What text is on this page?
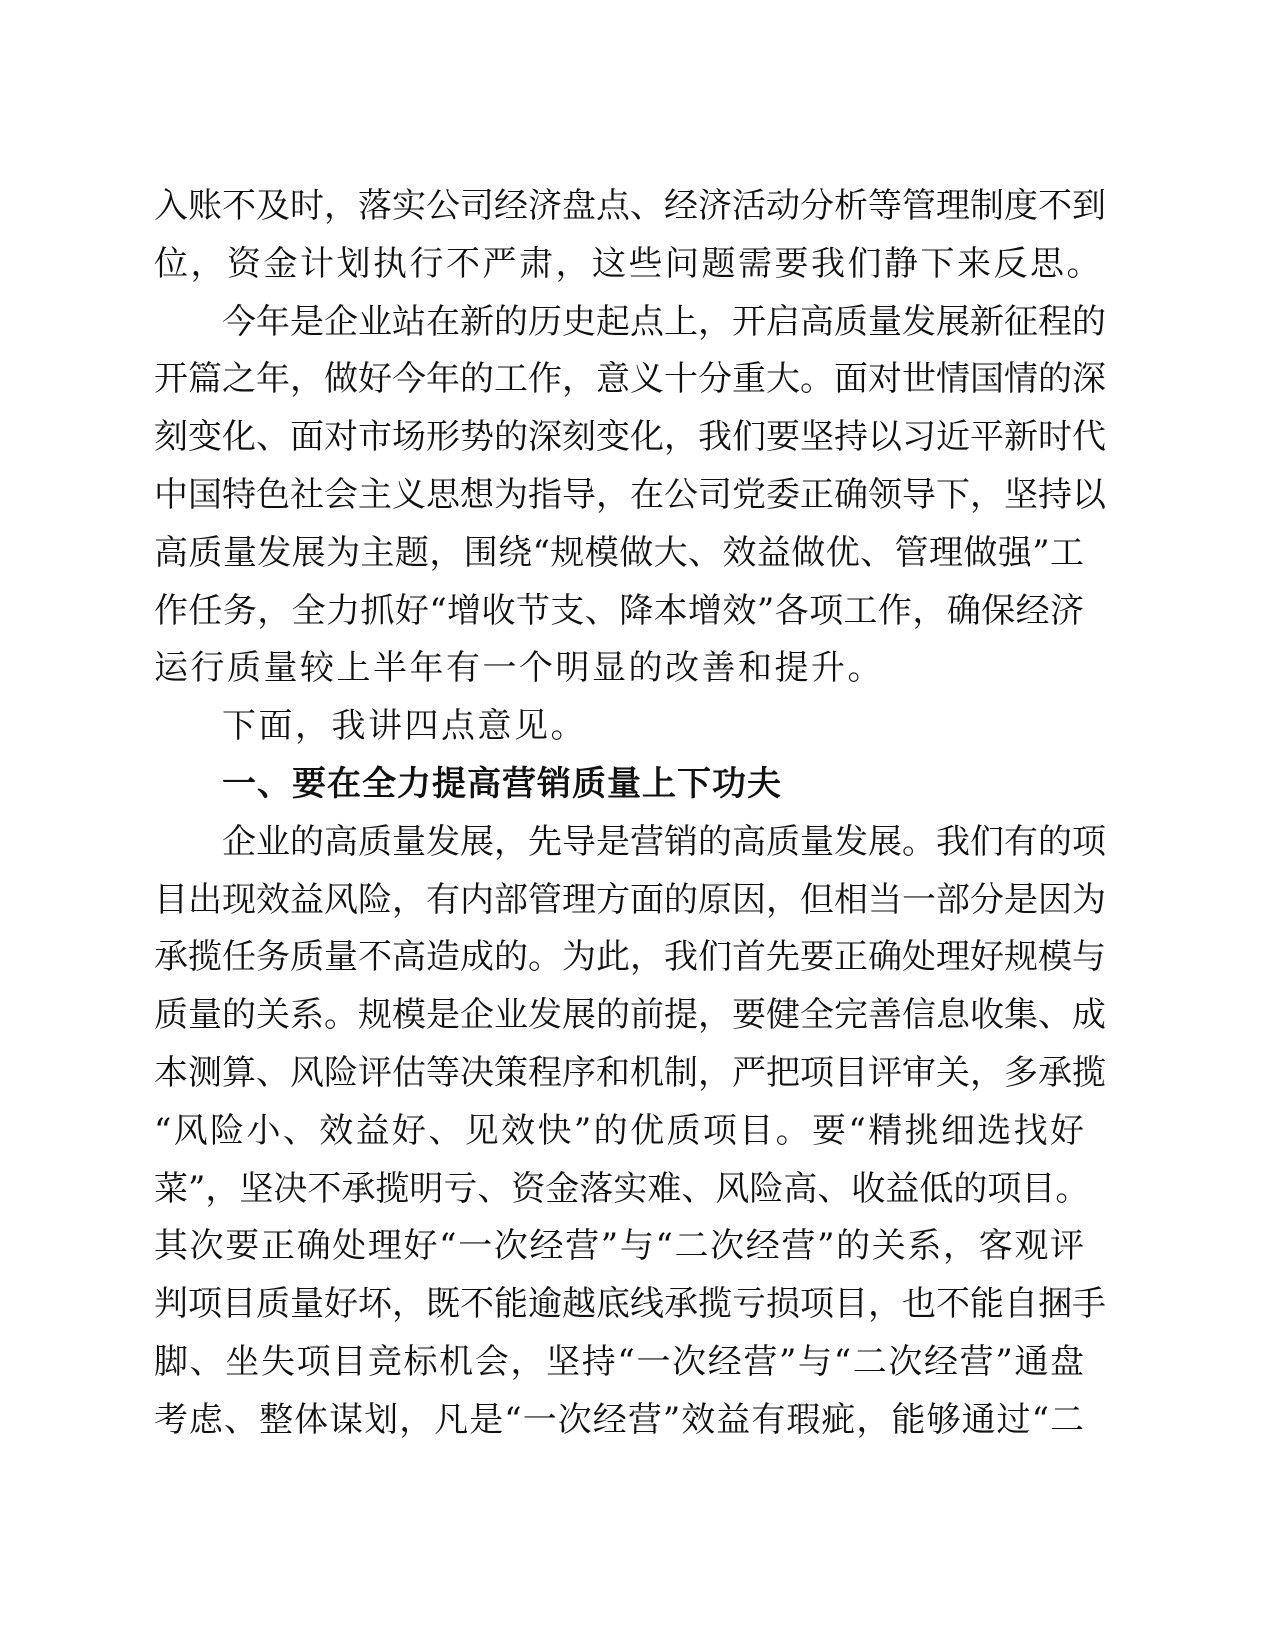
入账不及时，落实公司经济盘点、经济活动分析等管理制度不到
位，资金计划执行不严肃，这些问题需要我们静下来反思。
今年是企业站在新的历史起点上，开启高质量发展新征程的
开篇之年，做好今年的工作，意义十分重大。面对世情国情的深
刻变化、面对市场形势的深刻变化，我们要坚持以习近平新时代
中国特色社会主义思想为指导，在公司党委正确领导下，坚持以
高质量发展为主题，围绕“规模做大、效益做优、管理做强”工
作任务，全力抓好“增收节支、降本增效”各项工作，确保经济
运行质量较上半年有一个明显的改善和提升。
下面，我讲四点意见。
一、要在全力提高营销质量上下功夫
企业的高质量发展，先导是营销的高质量发展。我们有的项
目出现效益风险，有内部管理方面的原因，但相当一部分是因为
承揽任务质量不高造成的。为此，我们首先要正确处理好规模与
质量的关系。规模是企业发展的前提，要健全完善信息收集、成
本测算、风险评估等决策程序和机制，严把项目评审关，多承揽
“风险小、效益好、见效快”的优质项目。要“精挑细选找好
菜”，坚决不承揽明亏、资金落实难、风险高、收益低的项目。
其次要正确处理好“一次经营”与“二次经营”的关系，客观评
判项目质量好坏，既不能逾越底线承揽亏损项目，也不能自捆手
脚、坐失项目竞标机会，坚持“一次经营”与“二次经营”通盘
考虑、整体谋划，凡是“一次经营”效益有瑕疵，能够通过“二
